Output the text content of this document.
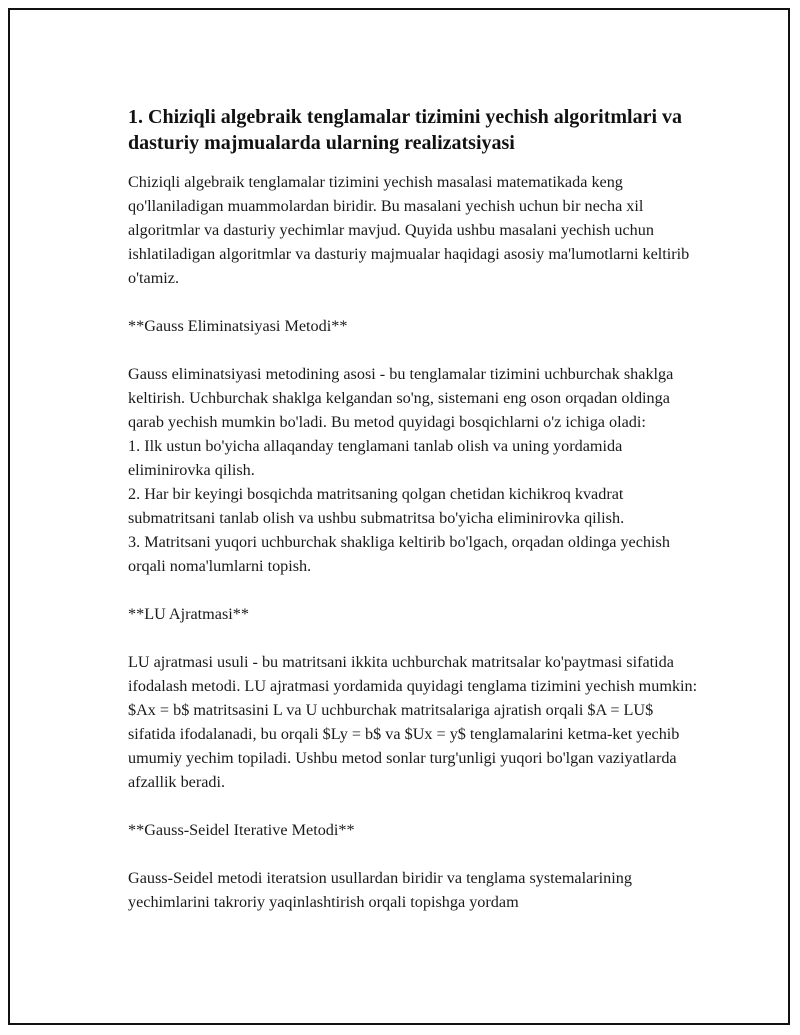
1. Chiziqli algebraik tenglamalar tizimini yechish algoritmlari va dasturiy majmualarda ularning realizatsiyasi

Chiziqli algebraik tenglamalar tizimini yechish masalasi matematikada keng qo'llaniladigan muammolardan biridir. Bu masalani yechish uchun bir necha xil algoritmlar va dasturiy yechimlar mavjud. Quyida ushbu masalani yechish uchun ishlatiladigan algoritmlar va dasturiy majmualar haqidagi asosiy ma'lumotlarni keltirib o'tamiz.

**Gauss Eliminatsiyasi Metodi**

Gauss eliminatsiyasi metodining asosi - bu tenglamalar tizimini uchburchak shaklga keltirish. Uchburchak shaklga kelgandan so'ng, sistemani eng oson orqadan oldinga qarab yechish mumkin bo'ladi. Bu metod quyidagi bosqichlarni o'z ichiga oladi:

1. Ilk ustun bo'yicha allaqanday tenglamani tanlab olish va uning yordamida eliminirovka qilish.

2. Har bir keyingi bosqichda matritsaning qolgan chetidan kichikroq kvadrat submatritsani tanlab olish va ushbu submatritsa bo'yicha eliminirovka qilish.

3. Matritsani yuqori uchburchak shakliga keltirib bo'lgach, orqadan oldinga yechish orqali noma'lumlarni topish.

**LU Ajratmasi**

LU ajratmasi usuli - bu matritsani ikkita uchburchak matritsalar ko'paytmasi sifatida ifodalash metodi. LU ajratmasi yordamida quyidagi tenglama tizimini yechish mumkin: $Ax = b$ matritsasini L va U uchburchak matritsalariga ajratish orqali $A = LU$ sifatida ifodalanadi, bu orqali $Ly = b$ va $Ux = y$ tenglamalarini ketma-ket yechib umumiy yechim topiladi. Ushbu metod sonlar turg'unligi yuqori bo'lgan vaziyatlarda afzallik beradi.

**Gauss-Seidel Iterative Metodi**

Gauss-Seidel metodi iteratsion usullardan biridir va tenglama systemalarining yechimlarini takroriy yaqinlashtirish orqali topishga yordam
